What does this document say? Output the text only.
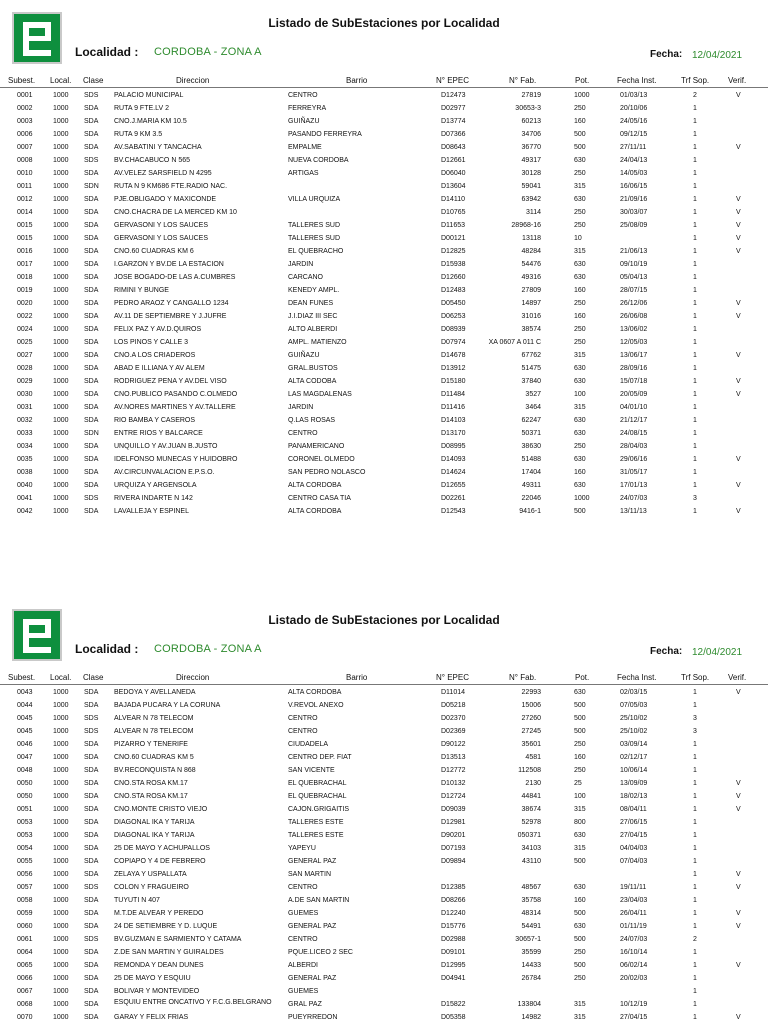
Listado de SubEstaciones por Localidad
Localidad : CORDOBA - ZONA A	Fecha: 12/04/2021
Subest. Local. Clase	Direccion	Barrio	N° EPEC	N° Fab.	Pot.	Fecha Inst.	Trf Sop. Verif.
0001	1000 SDS PALACIO MUNICIPAL	CENTRO	D12473	27819	1000	01/03/13	2	V
0002	1000 SDA RUTA 9 FTE.LV 2	FERREYRA	D02977	30653-3	250	20/10/06	1
0003	1000 SDA CNO.J.MARIA KM 10.5	GUIÑAZU	D13774	60213	160	24/05/16	1
0006	1000 SDA RUTA 9 KM 3.5	PASANDO FERREYRA	D07366	34706	500	09/12/15	1
0007	1000 SDA AV.SABATINI Y TANCACHA	EMPALME	D08643	36770	500	27/11/11	1	V
0008	1000 SDS BV.CHACABUCO N 565	NUEVA CORDOBA	D12661	49317	630	24/04/13	1
0010	1000 SDA AV.VELEZ SARSFIELD N 4295	ARTIGAS	D06040	30128	250	14/05/03	1
0011	1000 SDN RUTA N 9 KM686 FTE.RADIO NAC.	D13604	59041	315	16/06/15	1
0012	1000 SDA PJE.OBLIGADO Y MAXICONDE	VILLA URQUIZA	D14110	63942	630	21/09/16	1	V
0014	1000 SDA CNO.CHACRA DE LA MERCED KM 10	D10765	3114	250	30/03/07	1	V
0015	1000 SDA GERVASONI Y LOS SAUCES	TALLERES SUD	D11653	28968-16	250	25/08/09	1	V
0015	1000 SDA GERVASONI Y LOS SAUCES	TALLERES SUD	D00121	13118	10	1	V
0016	1000 SDA CNO.60 CUADRAS KM 6	EL QUEBRACHO	D12825	48284	315	21/06/13	1	V
0017	1000 SDA I.GARZON Y BV.DE LA ESTACION	JARDIN	D15938	54476	630	09/10/19	1
0018	1000 SDA JOSE BOGADO-DE LAS A.CUMBRES	CARCANO	D12660	49316	630	05/04/13	1
0019	1000 SDA RIMINI Y BUNGE	KENEDY AMPL.	D12483	27809	160	28/07/15	1
0020	1000 SDA PEDRO ARAOZ Y CANGALLO 1234	DEAN FUNES	D05450	14897	250	26/12/06	1	V
0022	1000 SDA AV.11 DE SEPTIEMBRE Y J.JUFRE	J.I.DIAZ III SEC	D06253	31016	160	26/06/08	1	V
0024	1000 SDA FELIX PAZ Y AV.D.QUIROS	ALTO ALBERDI	D08939	38574	250	13/06/02	1
0025	1000 SDA LOS PINOS Y CALLE 3	AMPL. MATIENZO	D07974	XA 0607 A 011 C	250	12/05/03	1
0027	1000 SDA CNO.A LOS CRIADEROS	GUIÑAZU	D14678	67762	315	13/06/17	1	V
0028	1000 SDA ABAD E ILLIANA Y AV ALEM	GRAL.BUSTOS	D13912	51475	630	28/09/16	1
0029	1000 SDA RODRIGUEZ PENA Y AV.DEL VISO	ALTA CODOBA	D15180	37840	630	15/07/18	1	V
0030	1000 SDA CNO.PUBLICO PASANDO C.OLMEDO	LAS MAGDALENAS	D11484	3527	100	20/05/09	1	V
0031	1000 SDA AV.NORES MARTINES Y AV.TALLERE	JARDIN	D11416	3464	315	04/01/10	1
0032	1000 SDA RIO BAMBA Y CASEROS	Q.LAS ROSAS	D14103	62247	630	21/12/17	1
0033	1000 SDN ENTRE RIOS Y BALCARCE	CENTRO	D13170	50371	630	24/08/15	1
0034	1000 SDA UNQUILLO Y AV.JUAN B.JUSTO	PANAMERICANO	D08995	38630	250	28/04/03	1
0035	1000 SDA IDELFONSO MUNECAS Y HUIDOBRO	CORONEL OLMEDO	D14093	51488	630	29/06/16	1	V
0038	1000 SDA AV.CIRCUNVALACION E.P.S.O.	SAN PEDRO NOLASCO	D14624	17404	160	31/05/17	1
0040	1000 SDA URQUIZA Y ARGENSOLA	ALTA CORDOBA	D12655	49311	630	17/01/13	1	V
0041	1000 SDS RIVERA INDARTE N 142	CENTRO CASA TIA	D02261	22046	1000	24/07/03	3
0042	1000 SDA LAVALLEJA Y ESPINEL	ALTA CORDOBA	D12543	9416-1	500	13/11/13	1	V
Listado de SubEstaciones por Localidad
Localidad : CORDOBA - ZONA A	Fecha: 12/04/2021
Subest. Local. Clase	Direccion	Barrio	N° EPEC	N° Fab.	Pot.	Fecha Inst.	Trf Sop. Verif.
0043	1000 SDA BEDOYA Y AVELLANEDA	ALTA CORDOBA	D11014	22993	630	02/03/15	1	V
0044	1000 SDA BAJADA PUCARA Y LA CORUNA	V.REVOL ANEXO	D05218	15006	500	07/05/03	1
0045	1000 SDS ALVEAR N 78 TELECOM	CENTRO	D02370	27260	500	25/10/02	3
0045	1000 SDS ALVEAR N 78 TELECOM	CENTRO	D02369	27245	500	25/10/02	3
0046	1000 SDA PIZARRO Y TENERIFE	CIUDADELA	D90122	35601	250	03/09/14	1
0047	1000 SDA CNO.60 CUADRAS KM 5	CENTRO DEP. FIAT	D13513	4581	160	02/12/17	1
0048	1000 SDA BV.RECONQUISTA N 868	SAN VICENTE	D12772	112508	250	10/06/14	1
0050	1000 SDA CNO.STA ROSA KM.17	EL QUEBRACHAL	D10132	2130	25	13/09/09	1	V
0050	1000 SDA CNO.STA ROSA KM.17	EL QUEBRACHAL	D12724	44841	100	18/02/13	1	V
0051	1000 SDA CNO.MONTE CRISTO VIEJO	CAJON.GRIGAITIS	D09039	38674	315	08/04/11	1	V
0053	1000 SDA DIAGONAL IKA Y TARIJA	TALLERES ESTE	D12981	52978	800	27/06/15	1
0053	1000 SDA DIAGONAL IKA Y TARIJA	TALLERES ESTE	D90201	050371	630	27/04/15	1
0054	1000 SDA 25 DE MAYO Y ACHUPALLOS	YAPEYU	D07193	34103	315	04/04/03	1
0055	1000 SDA COPIAPO Y 4 DE FEBRERO	GENERAL PAZ	D09894	43110	500	07/04/03	1
0056	1000 SDA ZELAYA Y USPALLATA	SAN MARTIN	1	V
0057	1000 SDS COLON Y FRAGUEIRO	CENTRO	D12385	48567	630	19/11/11	1	V
0058	1000 SDA TUYUTI N 407	A.DE SAN MARTIN	D08266	35758	160	23/04/03	1
0059	1000 SDA M.T.DE ALVEAR Y PEREDO	GUEMES	D12240	48314	500	26/04/11	1	V
0060	1000 SDA 24 DE SETIEMBRE Y D. LUQUE	GENERAL PAZ	D15776	54491	630	01/11/19	1	V
0061	1000 SDS BV.GUZMAN E SARMIENTO Y CATAMA	CENTRO	D02988	30657-1	500	24/07/03	2
0064	1000 SDA Z.DE SAN MARTIN Y GUIRALDES	PQUE.LICEO 2 SEC	D09101	35599	250	16/10/14	1
0065	1000 SDA REMONDA Y DEAN DUNES	ALBERDI	D12995	14433	500	06/02/14	1	V
0066	1000 SDA 25 DE MAYO Y ESQUIU	GENERAL PAZ	D04941	26784	250	20/02/03	1
0067	1000 SDA BOLIVAR Y MONTEVIDEO	GUEMES	1
0068	1000 SDA ESQUIU ENTRE ONCATIVO Y F.C.G.BELGRANO	GRAL PAZ	D15822	133804	315	10/12/19	1
0070	1000 SDA GARAY Y FELIX FRIAS	PUEYRREDON	D05358	14982	315	27/04/15	1	V
